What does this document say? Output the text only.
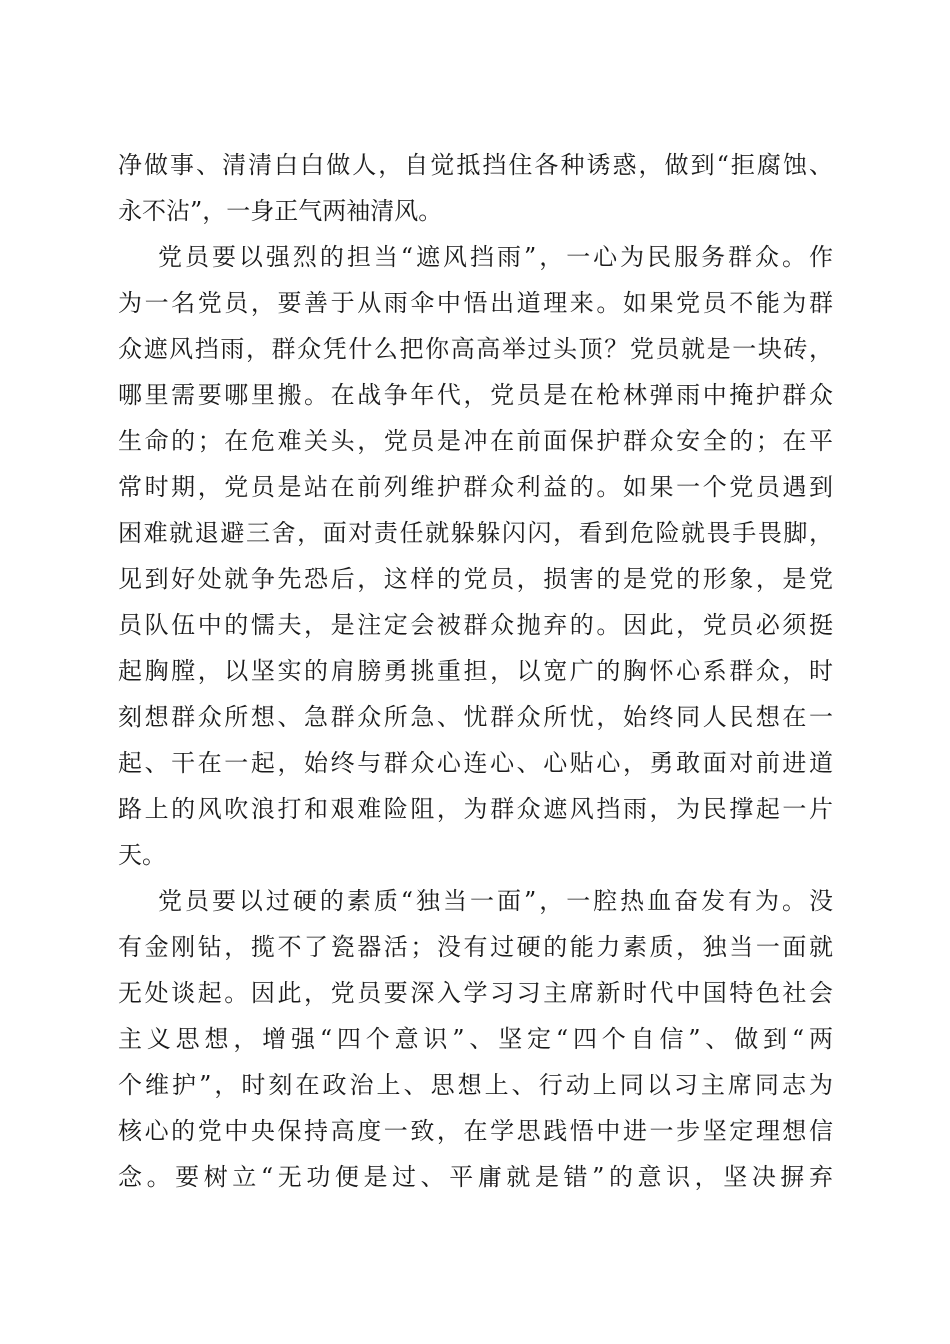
净做事、清清白白做人，自觉抵挡住各种诱惑，做到“拒腐蚀、
永不沾”，一身正气两袖清风。
党员要以强烈的担当“遮风挡雨”，一心为民服务群众。作
为一名党员，要善于从雨伞中悟出道理来。如果党员不能为群
众遮风挡雨，群众凭什么把你高高举过头顶？党员就是一块砖，
哪里需要哪里搬。在战争年代，党员是在枪林弹雨中掩护群众
生命的；在危难关头，党员是冲在前面保护群众安全的；在平
常时期，党员是站在前列维护群众利益的。如果一个党员遇到
困难就退避三舍，面对责任就躲躲闪闪，看到危险就畏手畏脚，
见到好处就争先恐后，这样的党员，损害的是党的形象，是党
员队伍中的懦夫，是注定会被群众抛弃的。因此，党员必须挺
起胸膛，以坚实的肩膀勇挑重担，以宽广的胸怀心系群众，时
刻想群众所想、急群众所急、忧群众所忧，始终同人民想在一
起、干在一起，始终与群众心连心、心贴心，勇敢面对前进道
路上的风吹浪打和艰难险阻，为群众遮风挡雨，为民撑起一片
天。
党员要以过硬的素质“独当一面”，一腔热血奋发有为。没
有金刚钻，揽不了瓷器活；没有过硬的能力素质，独当一面就
无处谈起。因此，党员要深入学习习主席新时代中国特色社会
主义思想，增强“四个意识”、坚定“四个自信”、做到“两
个维护”，时刻在政治上、思想上、行动上同以习主席同志为
核心的党中央保持高度一致，在学思践悟中进一步坚定理想信
念。要树立“无功便是过、平庸就是错”的意识，坚决摒弃
